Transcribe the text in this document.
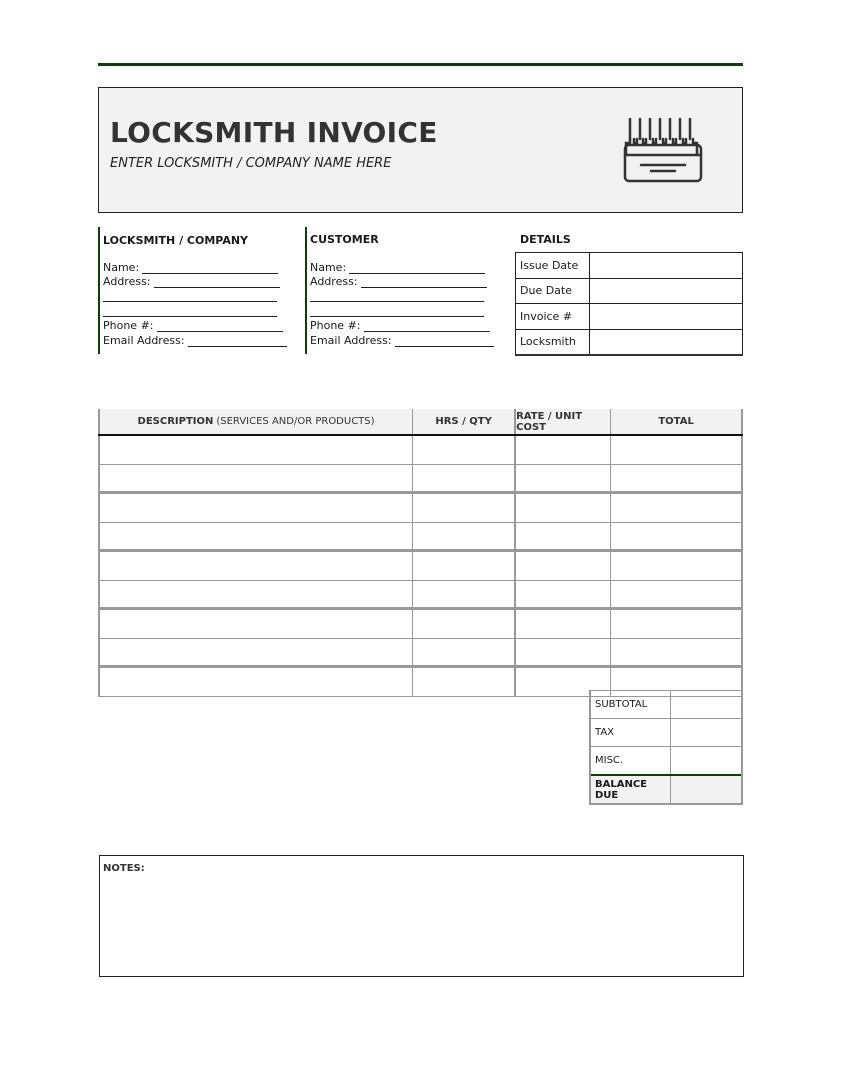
LOCKSMITH INVOICE
ENTER LOCKSMITH / COMPANY NAME HERE
LOCKSMITH / COMPANY
Name:
Address:
Phone #:
Email Address:
CUSTOMER
Name:
Address:
Phone #:
Email Address:
DETAILS
Issue Date	
Due Date	
Invoice #	
Locksmith	
DESCRIPTION (SERVICES AND/OR PRODUCTS)	HRS / QTY	RATE / UNIT COST	TOTAL
SUBTOTAL	
TAX	
MISC.	
BALANCE DUE	
NOTES:
